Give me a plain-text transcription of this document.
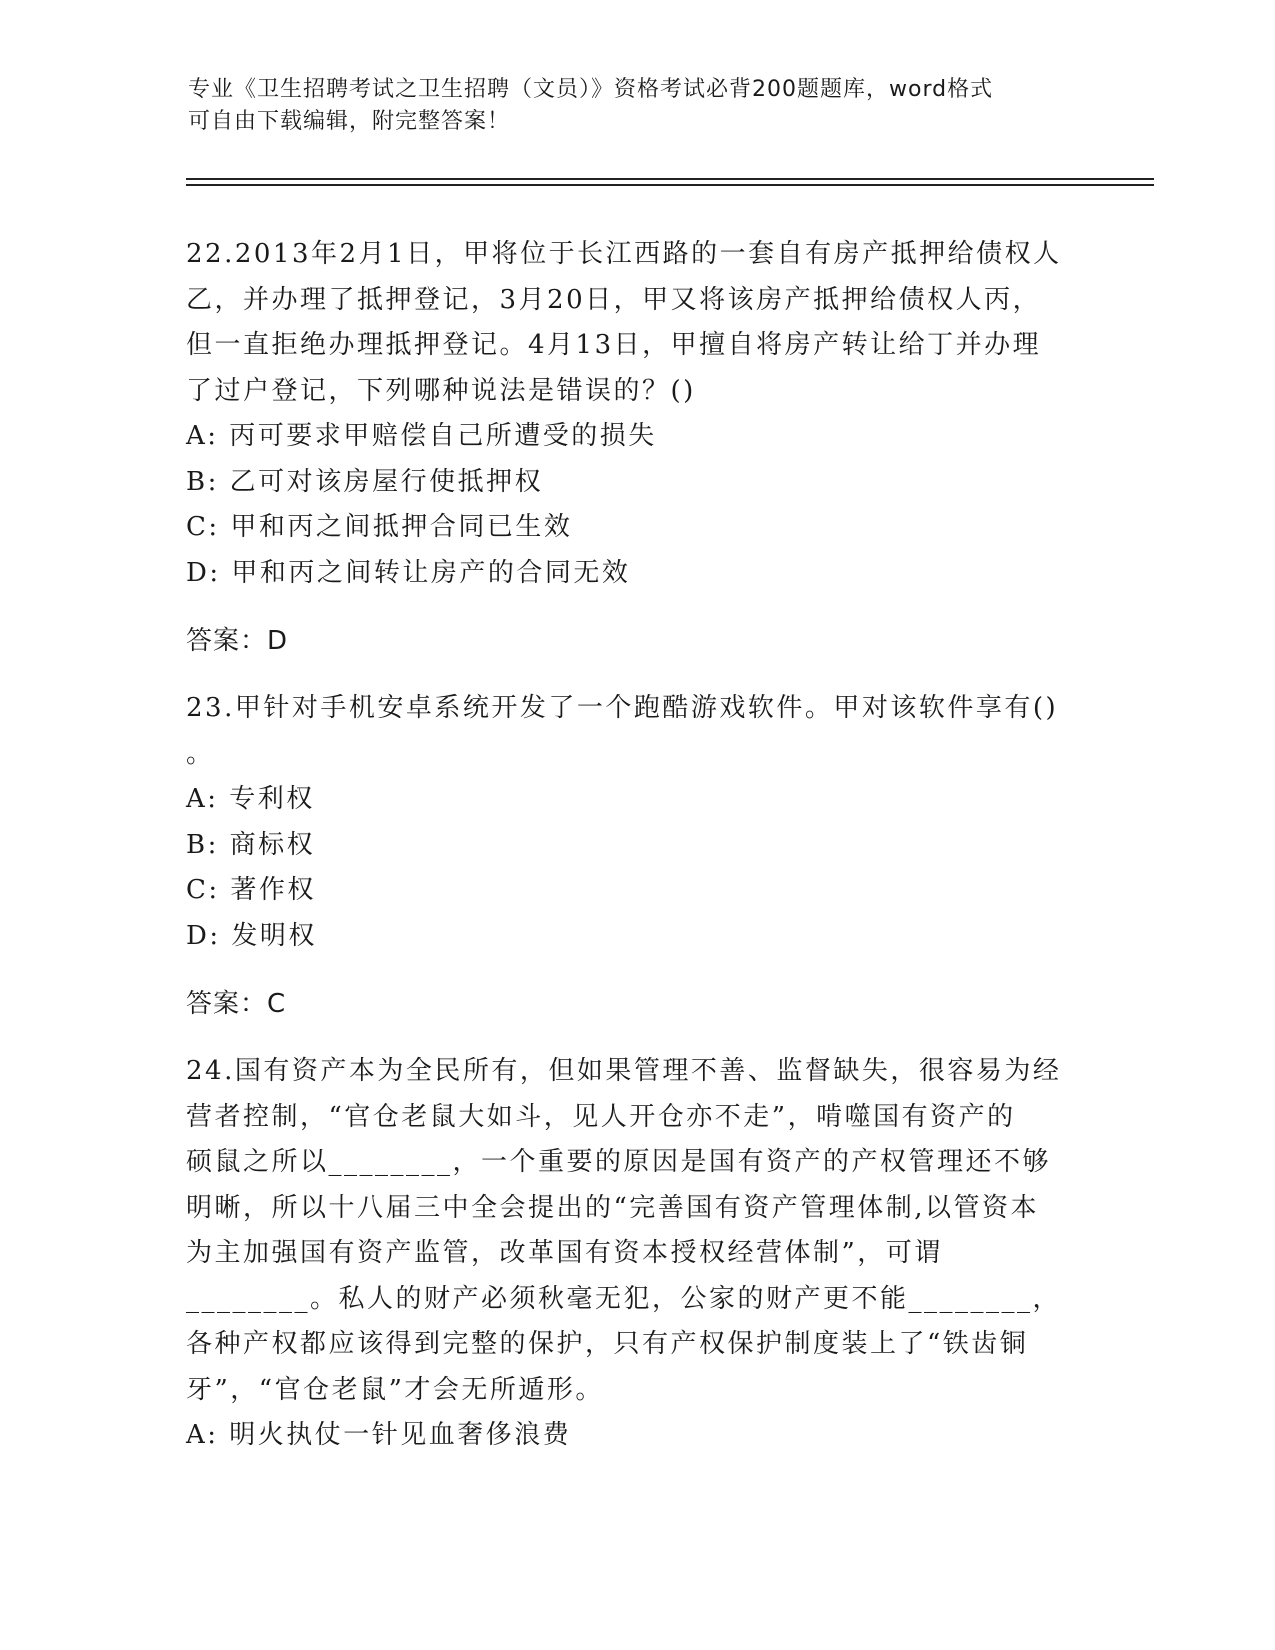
专业《卫生招聘考试之卫生招聘（文员）》资格考试必背200题题库，word格式
可自由下载编辑，附完整答案！
22.2013年2月1日，甲将位于长江西路的一套自有房产抵押给债权人
乙，并办理了抵押登记，3月20日，甲又将该房产抵押给债权人丙，
但一直拒绝办理抵押登记。4月13日，甲擅自将房产转让给丁并办理
了过户登记，下列哪种说法是错误的？()
A: 丙可要求甲赔偿自己所遭受的损失
B: 乙可对该房屋行使抵押权
C: 甲和丙之间抵押合同已生效
D: 甲和丙之间转让房产的合同无效
答案：D
23.甲针对手机安卓系统开发了一个跑酷游戏软件。甲对该软件享有()
。
A: 专利权
B: 商标权
C: 著作权
D: 发明权
答案：C
24.国有资产本为全民所有，但如果管理不善、监督缺失，很容易为经
营者控制，“官仓老鼠大如斗，见人开仓亦不走”，啃噬国有资产的
硕鼠之所以________，一个重要的原因是国有资产的产权管理还不够
明晰，所以十八届三中全会提出的“完善国有资产管理体制,以管资本
为主加强国有资产监管，改革国有资本授权经营体制”，可谓
________。私人的财产必须秋毫无犯，公家的财产更不能________，
各种产权都应该得到完整的保护，只有产权保护制度装上了“铁齿铜
牙”，“官仓老鼠”才会无所遁形。
A: 明火执仗一针见血奢侈浪费
